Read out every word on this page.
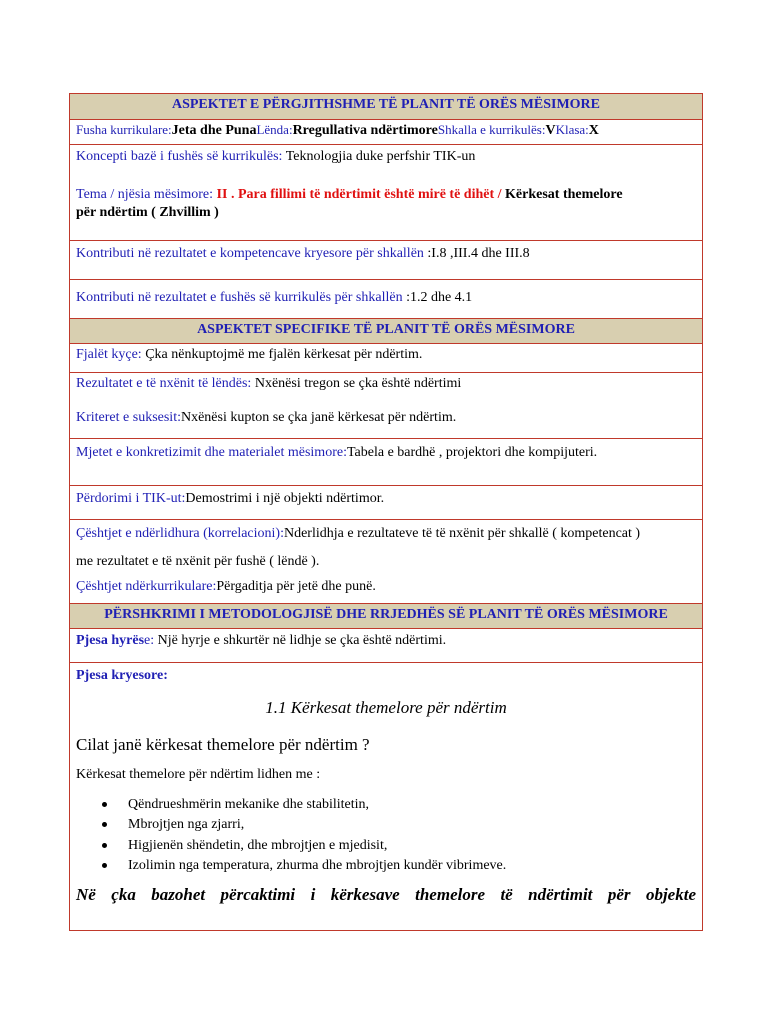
ASPEKTET E PËRGJITHSHME TË PLANIT TË ORËS MËSIMORE
Fusha kurrikulare:Jeta dhe PunaLënda:Rregullativa ndërtimoreShkalla e kurrikulës:VKlasa:X
Koncepti bazë i fushës së kurrikulës: Teknologjia duke perfshir TIK-un
Tema / njësia mësimore: II . Para fillimi të ndërtimit është mirë të dihët / Kërkesat themelore
për ndërtim ( Zhvillim )
Kontributi në rezultatet e kompetencave kryesore për shkallën :I.8 ,III.4 dhe III.8
Kontributi në rezultatet e fushës së kurrikulës për shkallën :1.2 dhe 4.1
ASPEKTET SPECIFIKE TË PLANIT TË ORËS MËSIMORE
Fjalët kyçe: Çka nënkuptojmë me fjalën kërkesat për ndërtim.
Rezultatet e të nxënit të lëndës: Nxënësi tregon se çka është ndërtimi
Kriteret e suksesit:Nxënësi kupton se çka janë kërkesat për ndërtim.
Mjetet e konkretizimit dhe materialet mësimore:Tabela e bardhë , projektori dhe kompijuteri.
Përdorimi i TIK-ut:Demostrimi i një objekti ndërtimor.
Çështjet e ndërlidhura (korrelacioni):Nderlidhja e rezultateve të të nxënit për shkallë ( kompetencat )
me rezultatet e të nxënit për fushë ( lëndë ).
Çështjet ndërkurrikulare:Përgaditja për jetë dhe punë.
PËRSHKRIMI I METODOLOGJISË DHE RRJEDHËS SË PLANIT TË ORËS MËSIMORE
Pjesa hyrëse: Një hyrje e shkurtër në lidhje se çka është ndërtimi.
Pjesa kryesore:
1.1 Kërkesat themelore për ndërtim
Cilat janë kërkesat themelore për ndërtim ?
Kërkesat themelore për ndërtim lidhen me :
Qëndrueshmërin mekanike dhe stabilitetin,
Mbrojtjen nga zjarri,
Higjienën shëndetin, dhe mbrojtjen e mjedisit,
Izolimin nga temperatura, zhurma dhe mbrojtjen kundër vibrimeve.
Në çka bazohet përcaktimi i kërkesave themelore të ndërtimit për objekte
